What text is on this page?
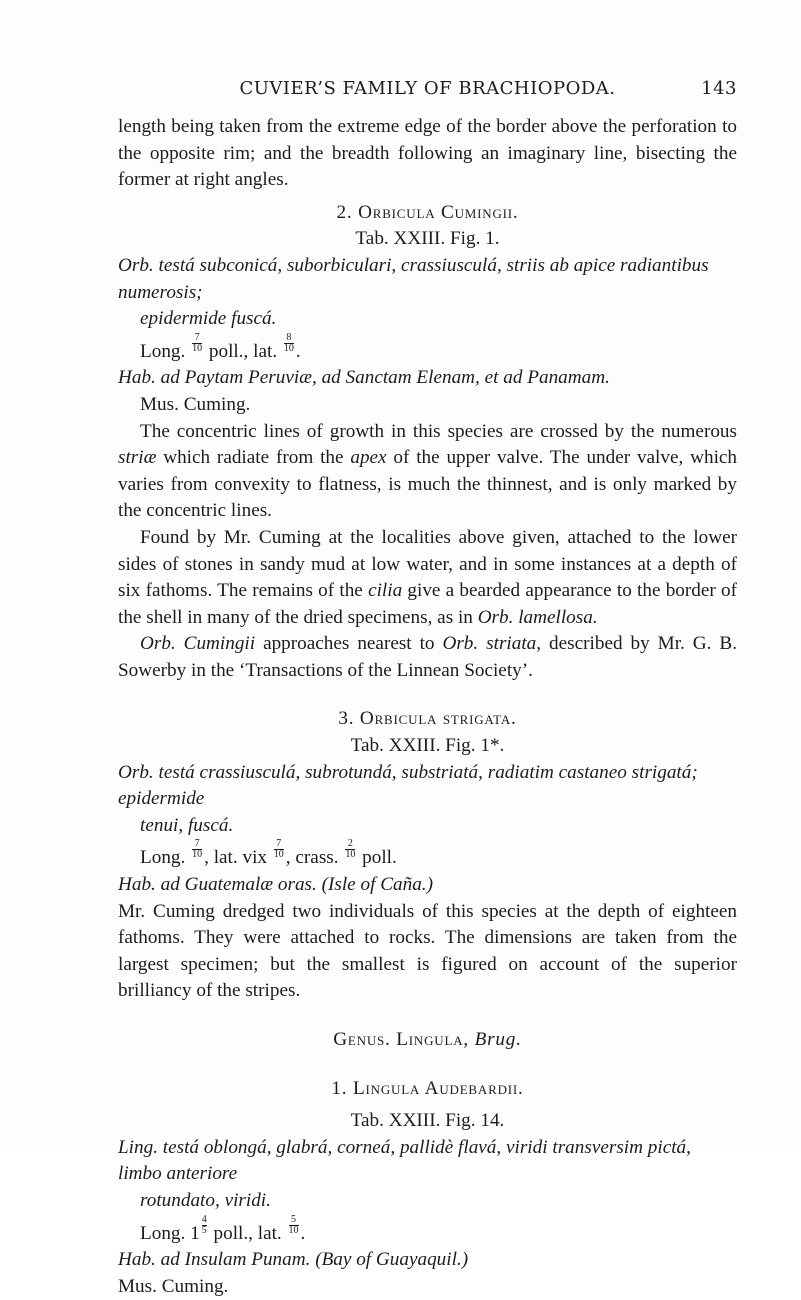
CUVIER’S FAMILY OF BRACHIOPODA.	143

length being taken from the extreme edge of the border above the perforation to the opposite rim; and the breadth following an imaginary line, bisecting the former at right angles.

2. Orbicula Cumingii.

Tab. XXIII. Fig. 1.

Orb. testá subconicá, suborbiculari, crassiusculá, striis ab apice radiantibus numerosis;
epidermide fuscá.

Long. $\frac{7}{10}$ poll., lat. $\frac{8}{10}$ .

Hab. ad Paytam Peruviæ, ad Sanctam Elenam, et ad Panamam.

Mus. Cuming.

The concentric lines of growth in this species are crossed by the numerous striæ which radiate from the apex of the upper valve. The under valve, which varies from convexity to flatness, is much the thinnest, and is only marked by the concentric lines.

Found by Mr. Cuming at the localities above given, attached to the lower sides of stones in sandy mud at low water, and in some instances at a depth of six fathoms. The remains of the cilia give a bearded appearance to the border of the shell in many of the dried specimens, as in Orb. lamellosa.

Orb. Cumingii approaches nearest to Orb. striata, described by Mr. G. B. Sowerby in the ‘Transactions of the Linnean Society’.

3. Orbicula strigata.

Tab. XXIII. Fig. 1*.

Orb. testá crassiusculá, subrotundá, substriatá, radiatim castaneo strigatá; epidermide
tenui, fuscá.

Long. $\frac{7}{10}$ , lat. vix $\frac{7}{10}$ , crass. $\frac{2}{10}$ poll.

Hab. ad Guatemalæ oras. (Isle of Caña.)

Mr. Cuming dredged two individuals of this species at the depth of eighteen fathoms. They were attached to rocks. The dimensions are taken from the largest specimen; but the smallest is figured on account of the superior brilliancy of the stripes.

Genus. Lingula, Brug.

1. Lingula Audebardii.

Tab. XXIII. Fig. 14.

Ling. testá oblongá, glabrá, corneá, pallidè flavá, viridi transversim pictá, limbo anteriore
rotundato, viridi.

Long. $1 \frac{4}{5}$ poll., lat. $\frac{5}{10}$ .

Hab. ad Insulam Punam. (Bay of Guayaquil.)

Mus. Cuming.
